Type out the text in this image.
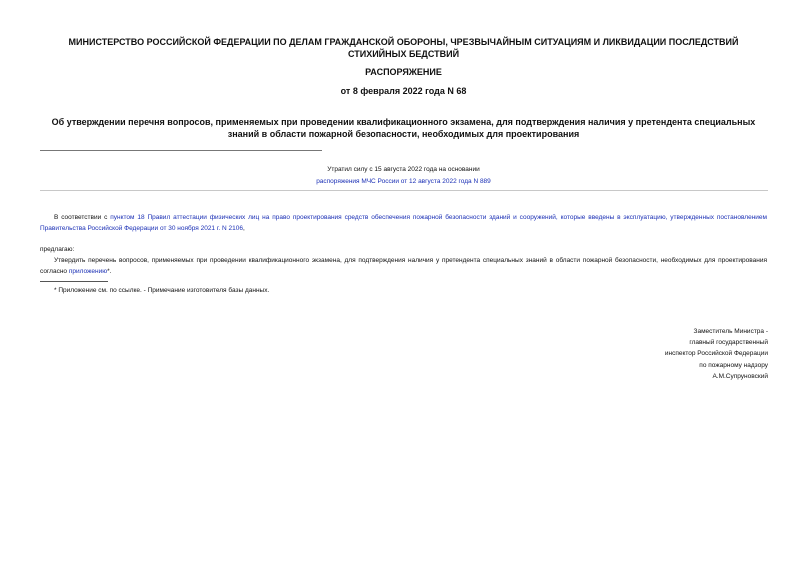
МИНИСТЕРСТВО РОССИЙСКОЙ ФЕДЕРАЦИИ ПО ДЕЛАМ ГРАЖДАНСКОЙ ОБОРОНЫ, ЧРЕЗВЫЧАЙНЫМ СИТУАЦИЯМ И ЛИКВИДАЦИИ ПОСЛЕДСТВИЙ СТИХИЙНЫХ БЕДСТВИЙ
РАСПОРЯЖЕНИЕ
от 8 февраля 2022 года N 68
Об утверждении перечня вопросов, применяемых при проведении квалификационного экзамена, для подтверждения наличия у претендента специальных знаний в области пожарной безопасности, необходимых для проектирования
Утратил силу с 15 августа 2022 года на основании
распоряжения МЧС России от 12 августа 2022 года N 889
В соответствии с пунктом 18 Правил аттестации физических лиц на право проектирования средств обеспечения пожарной безопасности зданий и сооружений, которые введены в эксплуатацию, утвержденных постановлением Правительства Российской Федерации от 30 ноября 2021 г. N 2106,
предлагаю:
Утвердить перечень вопросов, применяемых при проведении квалификационного экзамена, для подтверждения наличия у претендента специальных знаний в области пожарной безопасности, необходимых для проектирования согласно приложению*.
* Приложение см. по ссылке. - Примечание изготовителя базы данных.
Заместитель Министра -
главный государственный
инспектор Российской Федерации
по пожарному надзору
А.М.Супруновский
